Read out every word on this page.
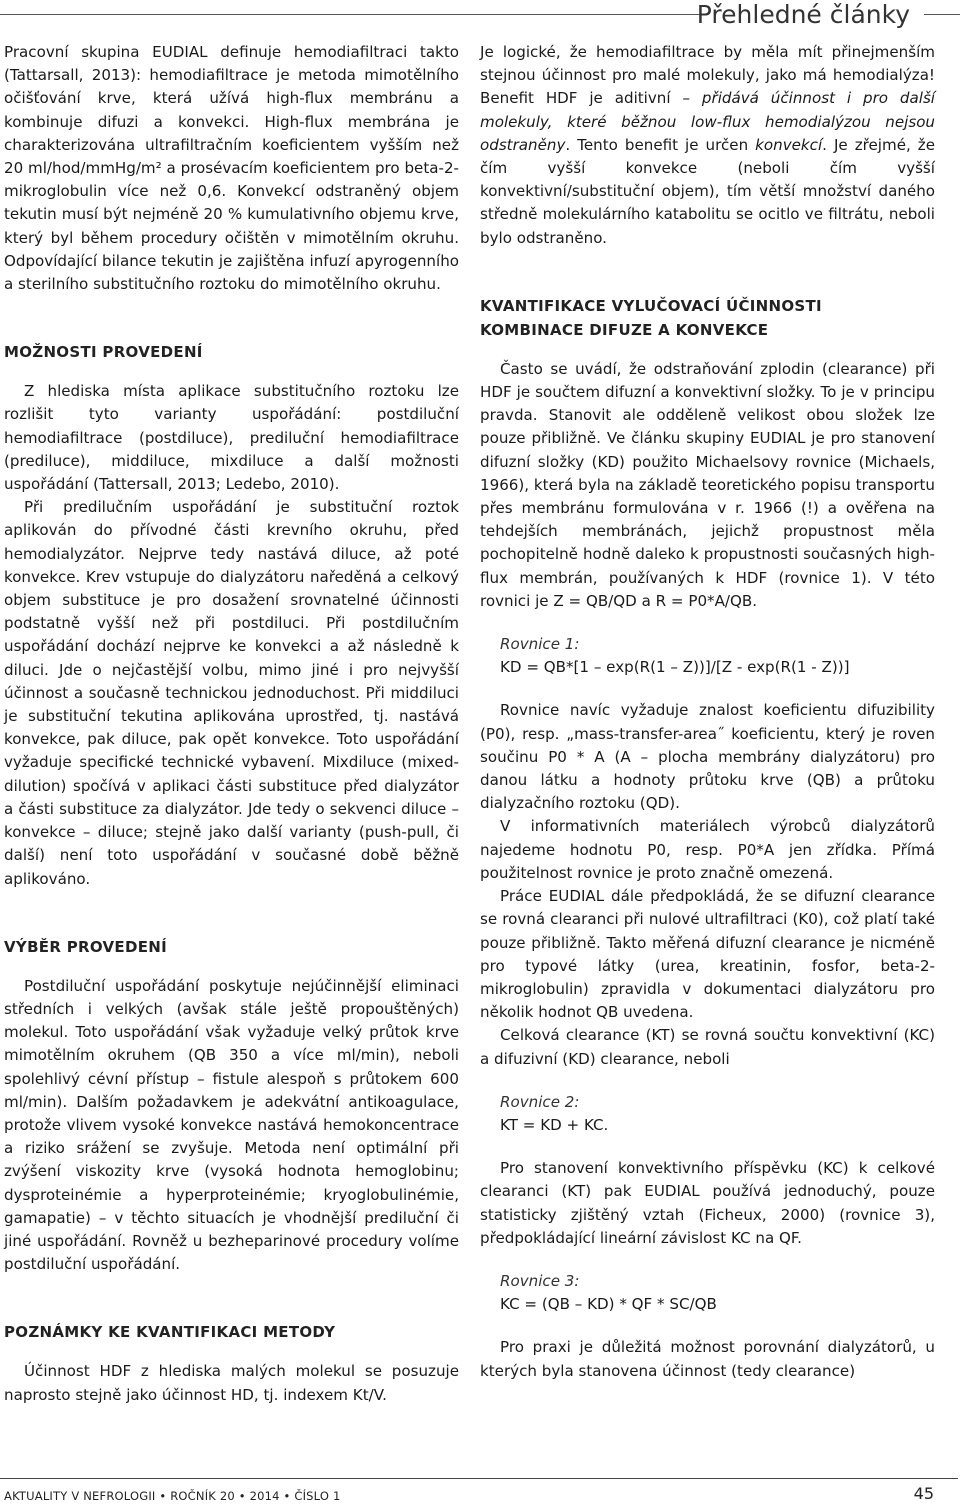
Přehledné články

Pracovní skupina EUDIAL definuje hemodiafiltraci takto (Tattarsall, 2013): hemodiafiltrace je metoda mimotělního očišťování krve, která užívá high-flux membránu a kombinuje difuzi a konvekci. High-flux membrána je charakterizována ultrafiltračním koeficientem vyšším než 20 ml/hod/mmHg/m² a prosévacím koeficientem pro beta-2-mikroglobulin více než 0,6. Konvekcí odstraněný objem tekutin musí být nejméně 20 % kumulativního objemu krve, který byl během procedury očištěn v mimotělním okruhu. Odpovídající bilance tekutin je zajištěna infuzí apyrogenního a sterilního substitučního roztoku do mimotělního okruhu.

MOŽNOSTI PROVEDENÍ

Z hlediska místa aplikace substitučního roztoku lze rozlišit tyto varianty uspořádání: postdiluční hemodiafiltrace (postdiluce), prediluční hemodiafiltrace (prediluce), middiluce, mixdiluce a další možnosti uspořádání (Tattersall, 2013; Ledebo, 2010).

Při predilučním uspořádání je substituční roztok aplikován do přívodné části krevního okruhu, před hemodialyzátor. Nejprve tedy nastává diluce, až poté konvekce. Krev vstupuje do dialyzátoru naředěná a celkový objem substituce je pro dosažení srovnatelné účinnosti podstatně vyšší než při postdiluci. Při postdilučním uspořádání dochází nejprve ke konvekci a až následně k diluci. Jde o nejčastější volbu, mimo jiné i pro nejvyšší účinnost a současně technickou jednoduchost. Při middiluci je substituční tekutina aplikována uprostřed, tj. nastává konvekce, pak diluce, pak opět konvekce. Toto uspořádání vyžaduje specifické technické vybavení. Mixdiluce (mixed-dilution) spočívá v aplikaci části substituce před dialyzátor a části substituce za dialyzátor. Jde tedy o sekvenci diluce – konvekce – diluce; stejně jako další varianty (push-pull, či další) není toto uspořádání v současné době běžně aplikováno.

VÝBĚR PROVEDENÍ

Postdiluční uspořádání poskytuje nejúčinnější eliminaci středních i velkých (avšak stále ještě propouštěných) molekul. Toto uspořádání však vyžaduje velký průtok krve mimotělním okruhem (QB 350 a více ml/min), neboli spolehlivý cévní přístup – fistule alespoň s průtokem 600 ml/min). Dalším požadavkem je adekvátní antikoagulace, protože vlivem vysoké konvekce nastává hemokoncentrace a riziko srážení se zvyšuje. Metoda není optimální při zvýšení viskozity krve (vysoká hodnota hemoglobinu; dysproteinémie a hyperproteinémie; kryoglobulinémie, gamapatie) – v těchto situacích je vhodnější prediluční či jiné uspořádání. Rovněž u bezheparinové procedury volíme postdiluční uspořádání.

POZNÁMKY KE KVANTIFIKACI METODY

Účinnost HDF z hlediska malých molekul se posuzuje naprosto stejně jako účinnost HD, tj. indexem Kt/V.

Je logické, že hemodiafiltrace by měla mít přinejmenším stejnou účinnost pro malé molekuly, jako má hemodialýza! Benefit HDF je aditivní – přidává účinnost i pro další molekuly, které běžnou low-flux hemodialýzou nejsou odstraněny. Tento benefit je určen konvekcí. Je zřejmé, že čím vyšší konvekce (neboli čím vyšší konvektivní/substituční objem), tím větší množství daného středně molekulárního katabolitu se ocitlo ve filtrátu, neboli bylo odstraněno.

KVANTIFIKACE VYLUČOVACÍ ÚČINNOSTI

KOMBINACE DIFUZE A KONVEKCE

Často se uvádí, že odstraňování zplodin (clearance) při HDF je součtem difuzní a konvektivní složky. To je v principu pravda. Stanovit ale odděleně velikost obou složek lze pouze přibližně. Ve článku skupiny EUDIAL je pro stanovení difuzní složky (KD) použito Michaelsovy rovnice (Michaels, 1966), která byla na základě teoretického popisu transportu přes membránu formulována v r. 1966 (!) a ověřena na tehdejších membránách, jejichž propustnost měla pochopitelně hodně daleko k propustnosti současných high-flux membrán, používaných k HDF (rovnice 1). V této rovnici je Z = QB/QD a R = P0*A/QB.

Rovnice 1:

KD = QB*[1 – exp(R(1 – Z))]/[Z - exp(R(1 - Z))]

Rovnice navíc vyžaduje znalost koeficientu difuzibility (P0), resp. „mass-transfer-area˝ koeficientu, který je roven součinu P0 * A (A – plocha membrány dialyzátoru) pro danou látku a hodnoty průtoku krve (QB) a průtoku dialyzačního roztoku (QD).

V informativních materiálech výrobců dialyzátorů najedeme hodnotu P0, resp. P0*A jen zřídka. Přímá použitelnost rovnice je proto značně omezená.

Práce EUDIAL dále předpokládá, že se difuzní clearance se rovná clearanci při nulové ultrafiltraci (K0), což platí také pouze přibližně. Takto měřená difuzní clearance je nicméně pro typové látky (urea, kreatinin, fosfor, beta-2-mikroglobulin) zpravidla v dokumentaci dialyzátoru pro několik hodnot QB uvedena.

Celková clearance (KT) se rovná součtu konvektivní (KC) a difuzivní (KD) clearance, neboli

Rovnice 2:

KT = KD + KC.

Pro stanovení konvektivního příspěvku (KC) k celkové clearanci (KT) pak EUDIAL používá jednoduchý, pouze statisticky zjištěný vztah (Ficheux, 2000) (rovnice 3), předpokládající lineární závislost KC na QF.

Rovnice 3:

KC = (QB – KD) * QF * SC/QB

Pro praxi je důležitá možnost porovnání dialyzátorů, u kterých byla stanovena účinnost (tedy clearance)

AKTUALITY V NEFROLOGII • ROČNÍK 20 • 2014 • ČÍSLO 1	45
